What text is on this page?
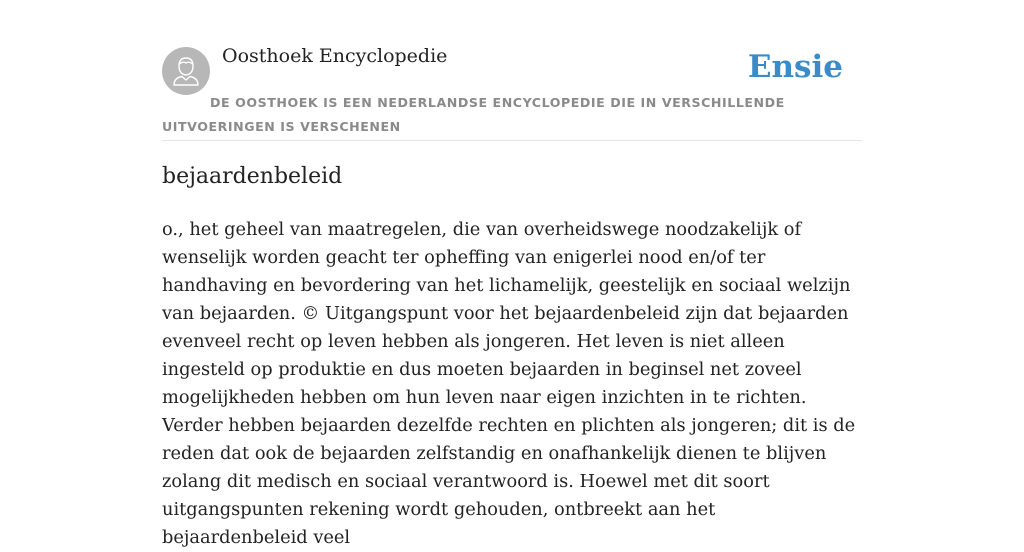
Oosthoek Encyclopedie	Ensie
DE OOSTHOEK IS EEN NEDERLANDSE ENCYCLOPEDIE DIE IN VERSCHILLENDE UITVOERINGEN IS VERSCHENEN
bejaardenbeleid

o., het geheel van maatregelen, die van overheidswege noodzakelijk of wenselijk worden geacht ter opheffing van enigerlei nood en/of ter handhaving en bevordering van het lichamelijk, geestelijk en sociaal welzijn van bejaarden. © Uitgangspunt voor het bejaardenbeleid zijn dat bejaarden evenveel recht op leven hebben als jongeren. Het leven is niet alleen ingesteld op produktie en dus moeten bejaarden in beginsel net zoveel mogelijkheden hebben om hun leven naar eigen inzichten in te richten. Verder hebben bejaarden dezelfde rechten en plichten als jongeren; dit is de reden dat ook de bejaarden zelfstandig en onafhankelijk dienen te blijven zolang dit medisch en sociaal verantwoord is. Hoewel met dit soort uitgangspunten rekening wordt gehouden, ontbreekt aan het bejaardenbeleid veel
